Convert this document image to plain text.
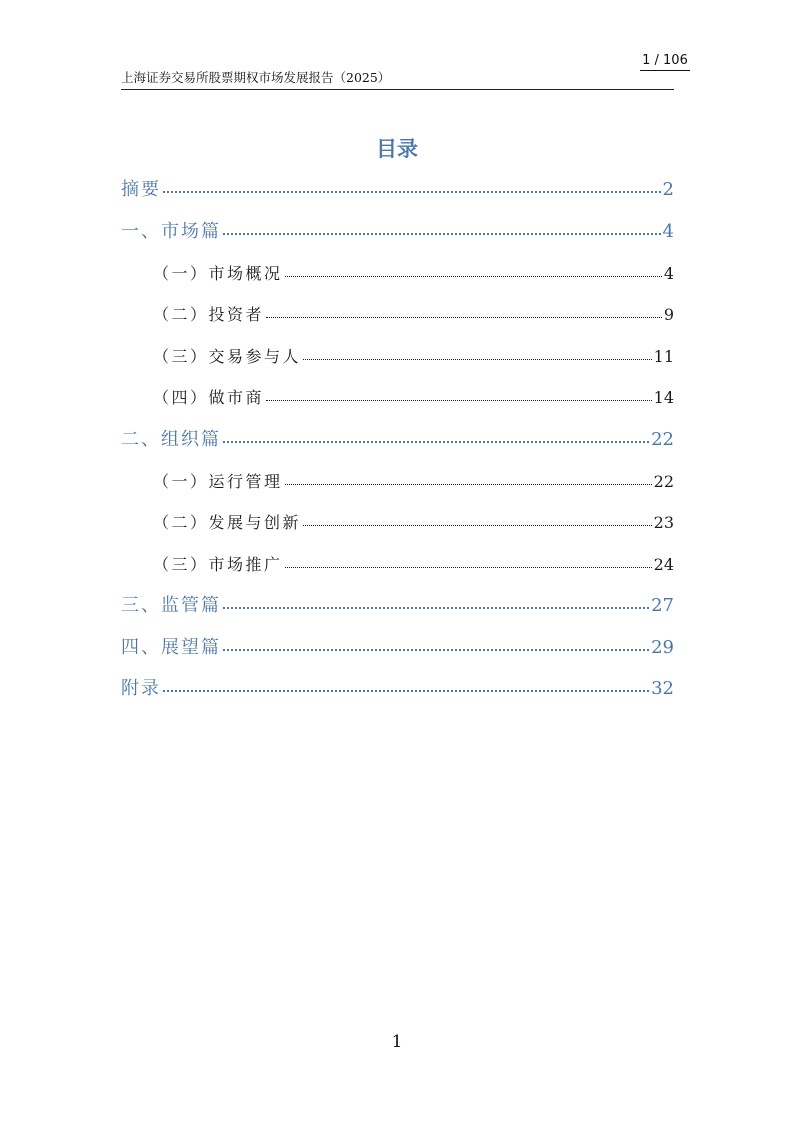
1 / 106
上海证券交易所股票期权市场发展报告（2025）
目录
摘要	2
一、市场篇	4
（一）市场概况	4
（二）投资者	9
（三）交易参与人	11
（四）做市商	14
二、组织篇	22
（一）运行管理	22
（二）发展与创新	23
（三）市场推广	24
三、监管篇	27
四、展望篇	29
附录	32
1
